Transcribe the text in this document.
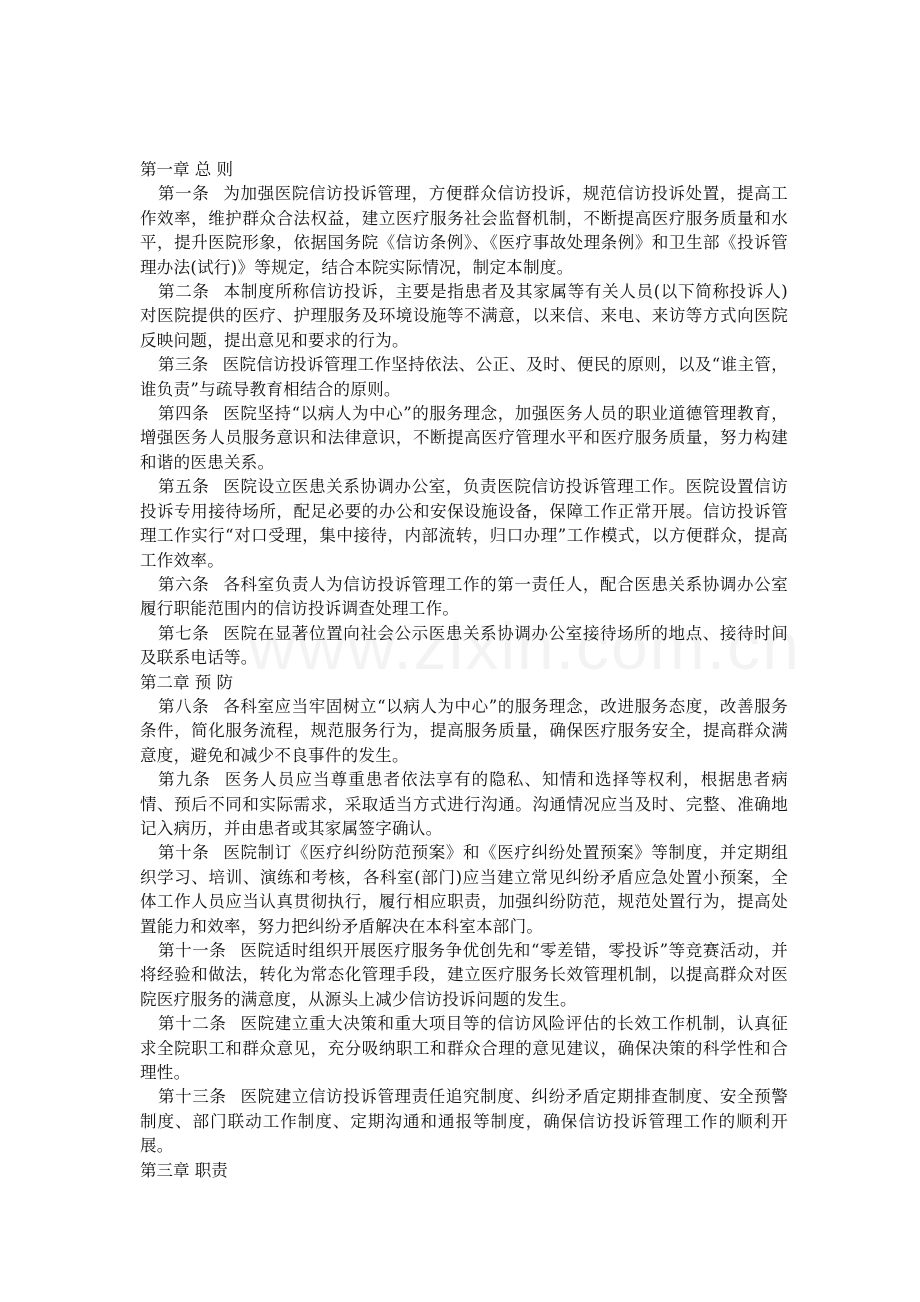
第一章 总 则

第一条 为加强医院信访投诉管理，方便群众信访投诉，规范信访投诉处置，提高工作效率，维护群众合法权益，建立医疗服务社会监督机制，不断提高医疗服务质量和水平，提升医院形象，依据国务院《信访条例》、《医疗事故处理条例》和卫生部《投诉管理办法(试行)》等规定，结合本院实际情况，制定本制度。

第二条 本制度所称信访投诉，主要是指患者及其家属等有关人员(以下简称投诉人)对医院提供的医疗、护理服务及环境设施等不满意，以来信、来电、来访等方式向医院反映问题，提出意见和要求的行为。

第三条 医院信访投诉管理工作坚持依法、公正、及时、便民的原则，以及“谁主管，谁负责”与疏导教育相结合的原则。

第四条 医院坚持“以病人为中心”的服务理念，加强医务人员的职业道德管理教育，增强医务人员服务意识和法律意识，不断提高医疗管理水平和医疗服务质量，努力构建和谐的医患关系。

第五条 医院设立医患关系协调办公室，负责医院信访投诉管理工作。医院设置信访投诉专用接待场所，配足必要的办公和安保设施设备，保障工作正常开展。信访投诉管理工作实行“对口受理，集中接待，内部流转，归口办理”工作模式，以方便群众，提高工作效率。

第六条 各科室负责人为信访投诉管理工作的第一责任人，配合医患关系协调办公室履行职能范围内的信访投诉调查处理工作。

第七条 医院在显著位置向社会公示医患关系协调办公室接待场所的地点、接待时间及联系电话等。

第二章 预 防

第八条 各科室应当牢固树立“以病人为中心”的服务理念，改进服务态度，改善服务条件，简化服务流程，规范服务行为，提高服务质量，确保医疗服务安全，提高群众满意度，避免和减少不良事件的发生。

第九条 医务人员应当尊重患者依法享有的隐私、知情和选择等权利，根据患者病情、预后不同和实际需求，采取适当方式进行沟通。沟通情况应当及时、完整、准确地记入病历，并由患者或其家属签字确认。

第十条 医院制订《医疗纠纷防范预案》和《医疗纠纷处置预案》等制度，并定期组织学习、培训、演练和考核，各科室(部门)应当建立常见纠纷矛盾应急处置小预案，全体工作人员应当认真贯彻执行，履行相应职责，加强纠纷防范，规范处置行为，提高处置能力和效率，努力把纠纷矛盾解决在本科室本部门。

第十一条 医院适时组织开展医疗服务争优创先和“零差错，零投诉”等竞赛活动，并将经验和做法，转化为常态化管理手段，建立医疗服务长效管理机制，以提高群众对医院医疗服务的满意度，从源头上减少信访投诉问题的发生。

第十二条 医院建立重大决策和重大项目等的信访风险评估的长效工作机制，认真征求全院职工和群众意见，充分吸纳职工和群众合理的意见建议，确保决策的科学性和合理性。

第十三条 医院建立信访投诉管理责任追究制度、纠纷矛盾定期排查制度、安全预警制度、部门联动工作制度、定期沟通和通报等制度，确保信访投诉管理工作的顺利开展。

第三章 职责
